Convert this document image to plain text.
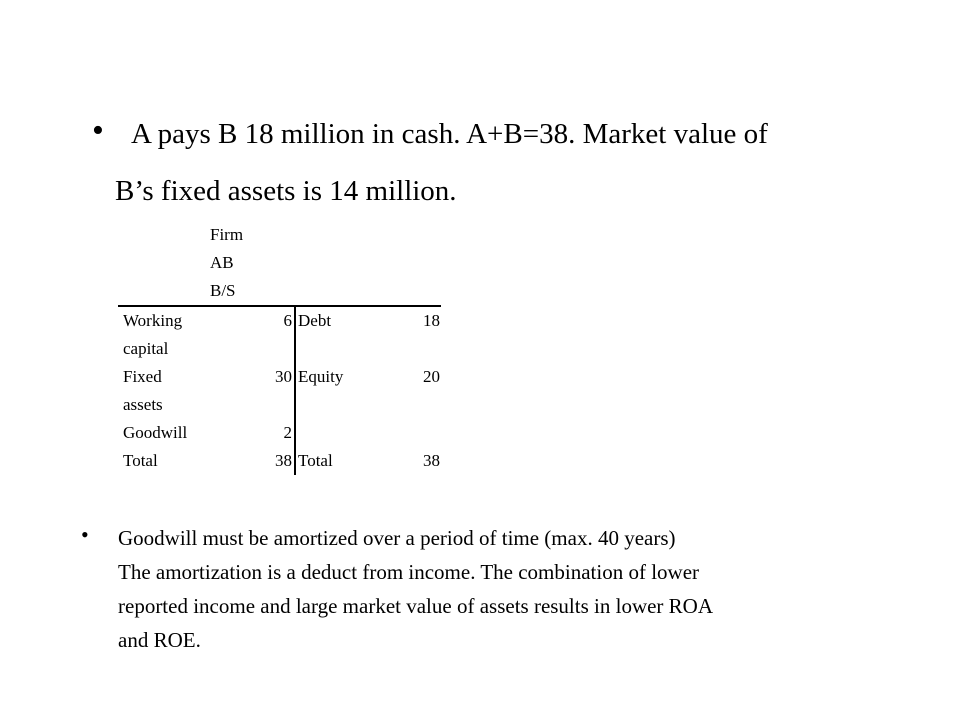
• A pays B 18 million in cash. A+B=38. Market value of
B’s fixed assets is 14 million.
Firm
AB
B/S
Working	6 Debt	18
capital
Fixed	30 Equity	20
assets
Goodwill	2
Total	38 Total	38
• Goodwill must be amortized over a period of time (max. 40 years)
The amortization is a deduct from income. The combination of lower
reported income and large market value of assets results in lower ROA
and ROE.
